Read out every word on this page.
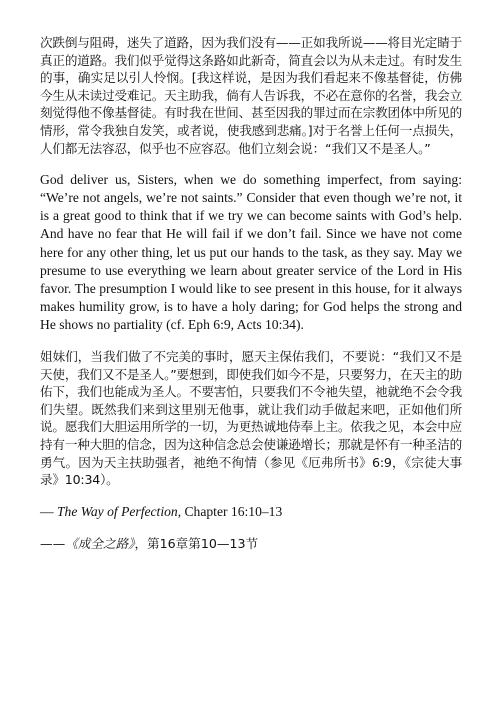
次跌倒与阻碍，迷失了道路，因为我们没有——正如我所说——将目光定睛于真正的道路。我们似乎觉得这条路如此新奇，简直会以为从未走过。有时发生的事，确实足以引人怜悯。[我这样说，是因为我们看起来不像基督徒，仿佛今生从未读过受难记。天主助我，倘有人告诉我，不必在意你的名誉，我会立刻觉得他不像基督徒。有时我在世间、甚至因我的罪过而在宗教团体中所见的情形，常令我独自发笑，或者说，使我感到悲痛。]对于名誉上任何一点损失，人们都无法容忍，似乎也不应容忍。他们立刻会说：“我们又不是圣人。”

God deliver us, Sisters, when we do something imperfect, from saying: “We’re not angels, we’re not saints.” Consider that even though we’re not, it is a great good to think that if we try we can become saints with God’s help. And have no fear that He will fail if we don’t fail. Since we have not come here for any other thing, let us put our hands to the task, as they say. May we presume to use everything we learn about greater service of the Lord in His favor. The presumption I would like to see present in this house, for it always makes humility grow, is to have a holy daring; for God helps the strong and He shows no partiality (cf. Eph 6:9, Acts 10:34).

姐妹们，当我们做了不完美的事时，愿天主保佑我们，不要说：“我们又不是天使，我们又不是圣人。”要想到，即使我们如今不是，只要努力，在天主的助佑下，我们也能成为圣人。不要害怕，只要我们不令祂失望，祂就绝不会令我们失望。既然我们来到这里别无他事，就让我们动手做起来吧，正如他们所说。愿我们大胆运用所学的一切，为更热诚地侍奉上主。依我之见，本会中应持有一种大胆的信念，因为这种信念总会使谦逊增长；那就是怀有一种圣洁的勇气。因为天主扶助强者，祂绝不徇情（参见《厄弗所书》6:9，《宗徒大事录》10:34）。

— The Way of Perfection, Chapter 16:10–13

——《成全之路》，第16章第10—13节
